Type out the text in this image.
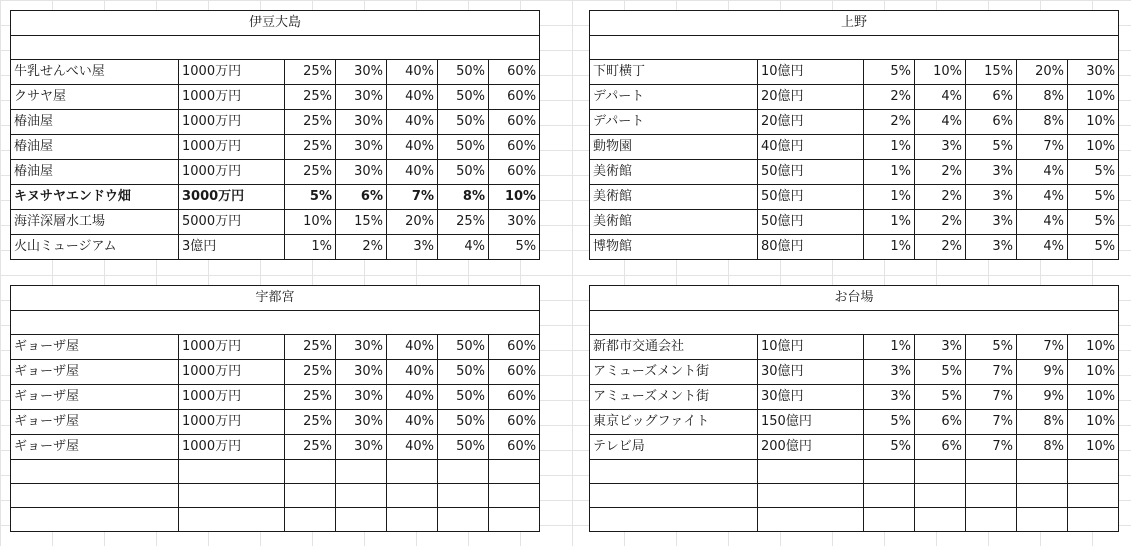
伊豆大島						

牛乳せんべい屋	1000万円	25%	30%	40%	50%	60%
クサヤ屋	1000万円	25%	30%	40%	50%	60%
椿油屋	1000万円	25%	30%	40%	50%	60%
椿油屋	1000万円	25%	30%	40%	50%	60%
椿油屋	1000万円	25%	30%	40%	50%	60%
キヌサヤエンドウ畑	3000万円	5%	6%	7%	8%	10%
海洋深層水工場	5000万円	10%	15%	20%	25%	30%
火山ミュージアム	3億円	1%	2%	3%	4%	5%
上野						

下町横丁	10億円	5%	10%	15%	20%	30%
デパート	20億円	2%	4%	6%	8%	10%
デパート	20億円	2%	4%	6%	8%	10%
動物園	40億円	1%	3%	5%	7%	10%
美術館	50億円	1%	2%	3%	4%	5%
美術館	50億円	1%	2%	3%	4%	5%
美術館	50億円	1%	2%	3%	4%	5%
博物館	80億円	1%	2%	3%	4%	5%
宇都宮						

ギョーザ屋	1000万円	25%	30%	40%	50%	60%
ギョーザ屋	1000万円	25%	30%	40%	50%	60%
ギョーザ屋	1000万円	25%	30%	40%	50%	60%
ギョーザ屋	1000万円	25%	30%	40%	50%	60%
ギョーザ屋	1000万円	25%	30%	40%	50%	60%

お台場						

新都市交通会社	10億円	1%	3%	5%	7%	10%
アミューズメント街	30億円	3%	5%	7%	9%	10%
アミューズメント街	30億円	3%	5%	7%	9%	10%
東京ビッグファイト	150億円	5%	6%	7%	8%	10%
テレビ局	200億円	5%	6%	7%	8%	10%
